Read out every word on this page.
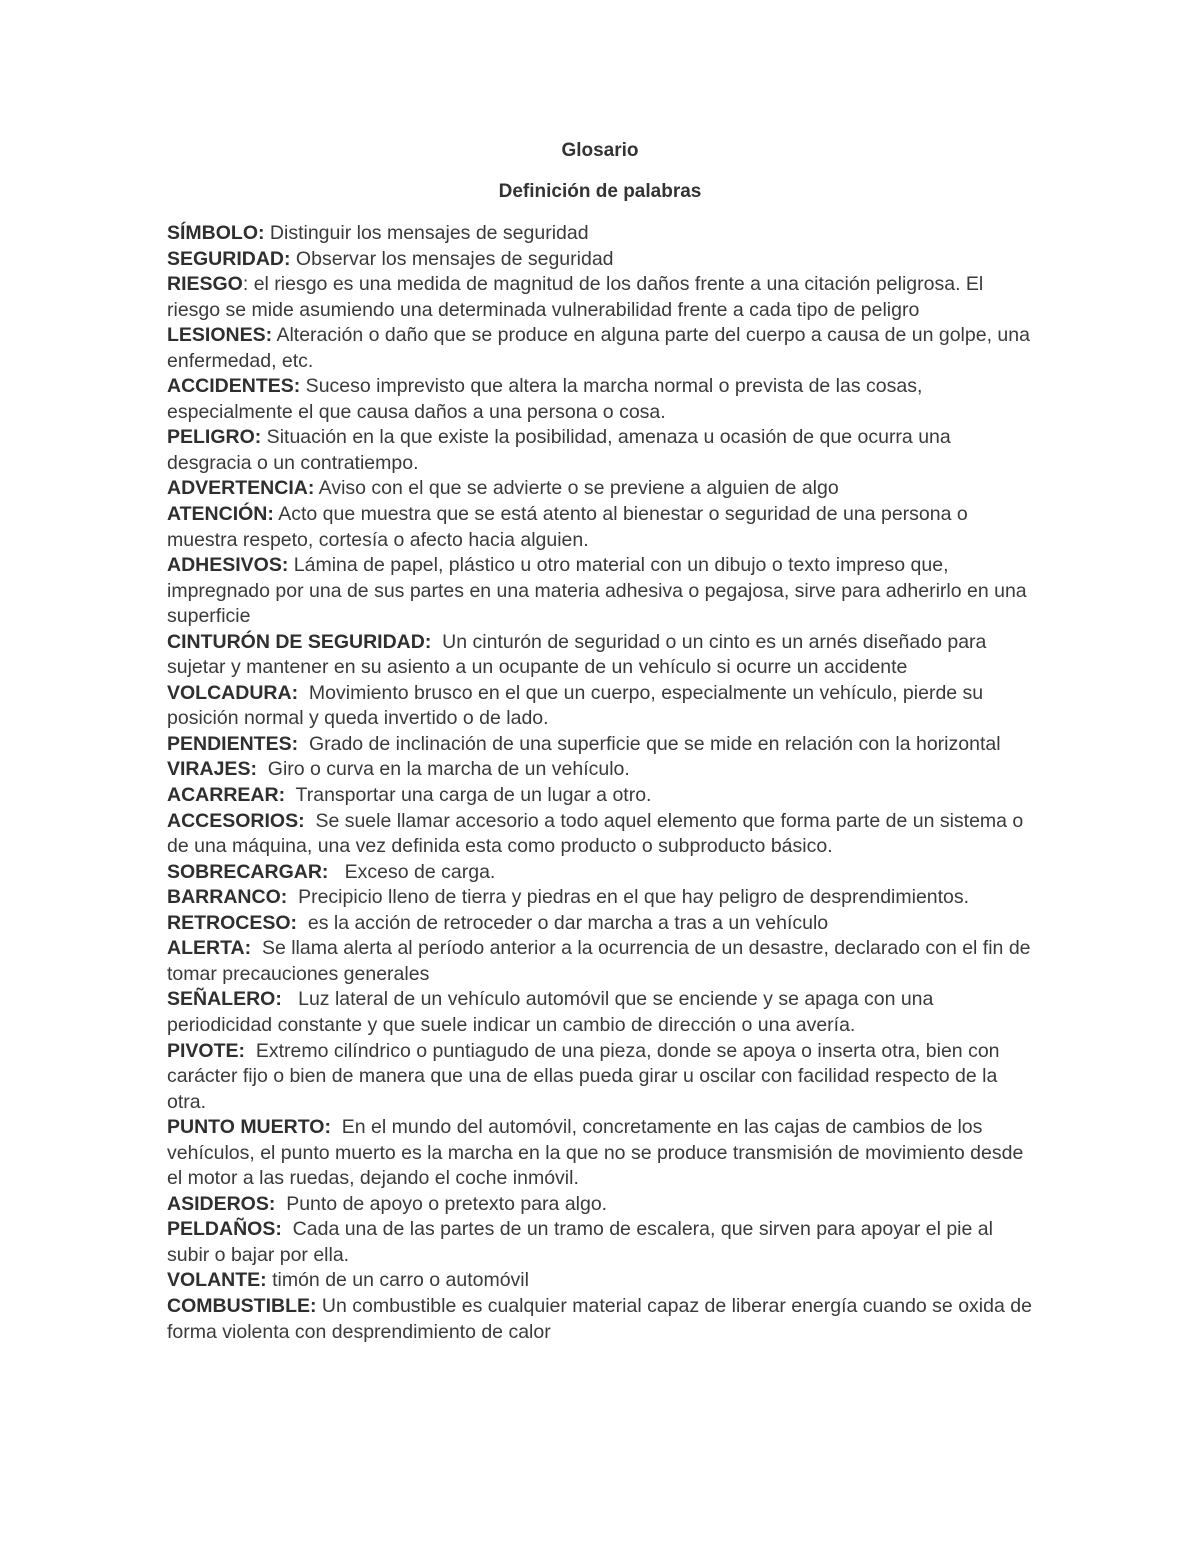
Glosario
Definición de palabras
SÍMBOLO: Distinguir los mensajes de seguridad
SEGURIDAD: Observar los mensajes de seguridad
RIESGO: el riesgo es una medida de magnitud de los daños frente a una citación peligrosa. El riesgo se mide asumiendo una determinada vulnerabilidad frente a cada tipo de peligro
LESIONES: Alteración o daño que se produce en alguna parte del cuerpo a causa de un golpe, una enfermedad, etc.
ACCIDENTES: Suceso imprevisto que altera la marcha normal o prevista de las cosas, especialmente el que causa daños a una persona o cosa.
PELIGRO: Situación en la que existe la posibilidad, amenaza u ocasión de que ocurra una desgracia o un contratiempo.
ADVERTENCIA: Aviso con el que se advierte o se previene a alguien de algo
ATENCIÓN: Acto que muestra que se está atento al bienestar o seguridad de una persona o muestra respeto, cortesía o afecto hacia alguien.
ADHESIVOS: Lámina de papel, plástico u otro material con un dibujo o texto impreso que, impregnado por una de sus partes en una materia adhesiva o pegajosa, sirve para adherirlo en una superficie
CINTURÓN DE SEGURIDAD:  Un cinturón de seguridad o un cinto es un arnés diseñado para sujetar y mantener en su asiento a un ocupante de un vehículo si ocurre un accidente
VOLCADURA:  Movimiento brusco en el que un cuerpo, especialmente un vehículo, pierde su posición normal y queda invertido o de lado.
PENDIENTES:  Grado de inclinación de una superficie que se mide en relación con la horizontal
VIRAJES:  Giro o curva en la marcha de un vehículo.
ACARREAR:  Transportar una carga de un lugar a otro.
ACCESORIOS:  Se suele llamar accesorio a todo aquel elemento que forma parte de un sistema o de una máquina, una vez definida esta como producto o subproducto básico.
SOBRECARGAR:   Exceso de carga.
BARRANCO:  Precipicio lleno de tierra y piedras en el que hay peligro de desprendimientos.
RETROCESO:  es la acción de retroceder o dar marcha a tras a un vehículo
ALERTA:  Se llama alerta al período anterior a la ocurrencia de un desastre, declarado con el fin de tomar precauciones generales
SEÑALERO:   Luz lateral de un vehículo automóvil que se enciende y se apaga con una periodicidad constante y que suele indicar un cambio de dirección o una avería.
PIVOTE:  Extremo cilíndrico o puntiagudo de una pieza, donde se apoya o inserta otra, bien con carácter fijo o bien de manera que una de ellas pueda girar u oscilar con facilidad respecto de la otra.
PUNTO MUERTO:  En el mundo del automóvil, concretamente en las cajas de cambios de los vehículos, el punto muerto es la marcha en la que no se produce transmisión de movimiento desde el motor a las ruedas, dejando el coche inmóvil.
ASIDEROS:  Punto de apoyo o pretexto para algo.
PELDAÑOS:  Cada una de las partes de un tramo de escalera, que sirven para apoyar el pie al subir o bajar por ella.
VOLANTE: timón de un carro o automóvil
COMBUSTIBLE: Un combustible es cualquier material capaz de liberar energía cuando se oxida de forma violenta con desprendimiento de calor
